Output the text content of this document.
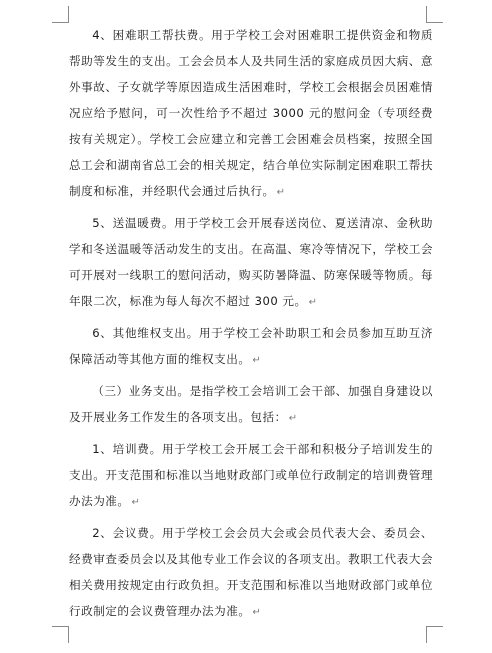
4、困难职工帮扶费。用于学校工会对困难职工提供资金和物质帮助等发生的支出。工会会员本人及共同生活的家庭成员因大病、意外事故、子女就学等原因造成生活困难时，学校工会根据会员困难情况应给予慰问，可一次性给予不超过 3000 元的慰问金（专项经费按有关规定）。学校工会应建立和完善工会困难会员档案，按照全国总工会和湖南省总工会的相关规定，结合单位实际制定困难职工帮扶制度和标准，并经职代会通过后执行。 ↵

5、送温暖费。用于学校工会开展春送岗位、夏送清凉、金秋助学和冬送温暖等活动发生的支出。在高温、寒冷等情况下，学校工会可开展对一线职工的慰问活动，购买防暑降温、防寒保暖等物质。每年限二次，标准为每人每次不超过 300 元。 ↵

6、其他维权支出。用于学校工会补助职工和会员参加互助互济保障活动等其他方面的维权支出。 ↵

（三）业务支出。是指学校工会培训工会干部、加强自身建设以及开展业务工作发生的各项支出。包括： ↵

1、培训费。用于学校工会开展工会干部和积极分子培训发生的支出。开支范围和标准以当地财政部门或单位行政制定的培训费管理办法为准。 ↵

2、会议费。用于学校工会会员大会或会员代表大会、委员会、经费审查委员会以及其他专业工作会议的各项支出。教职工代表大会相关费用按规定由行政负担。开支范围和标准以当地财政部门或单位行政制定的会议费管理办法为准。 ↵
